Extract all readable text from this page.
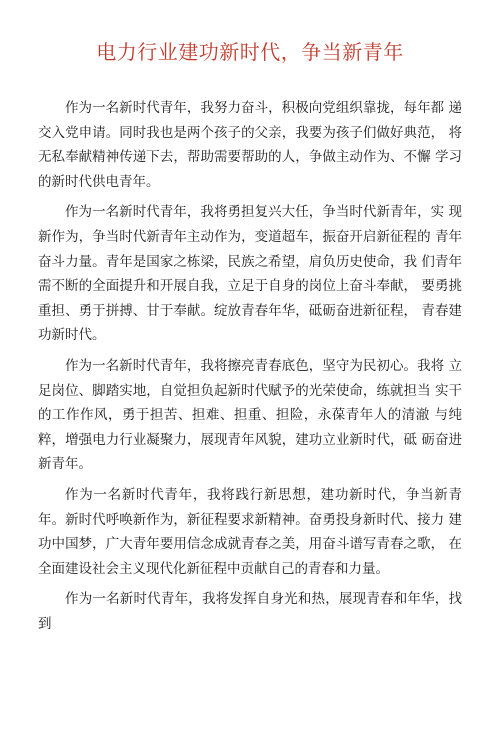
电力行业建功新时代，争当新青年

作为一名新时代青年，我努力奋斗，积极向党组织靠拢，每年都 递交入党申请。同时我也是两个孩子的父亲，我要为孩子们做好典范， 将无私奉献精神传递下去，帮助需要帮助的人，争做主动作为、不懈 学习的新时代供电青年。

作为一名新时代青年，我将勇担复兴大任，争当时代新青年，实 现新作为，争当时代新青年主动作为，变道超车，振奋开启新征程的 青年奋斗力量。青年是国家之栋梁，民族之希望，肩负历史使命，我 们青年需不断的全面提升和开展自我，立足于自身的岗位上奋斗奉献， 要勇挑重担、勇于拼搏、甘于奉献。绽放青春年华，砥砺奋进新征程， 青春建功新时代。

作为一名新时代青年，我将擦亮青春底色，坚守为民初心。我将 立足岗位、脚踏实地，自觉担负起新时代赋予的光荣使命，练就担当 实干的工作作风，勇于担苦、担难、担重、担险，永葆青年人的清澈 与纯粹，增强电力行业凝聚力，展现青年风貌，建功立业新时代，砥 砺奋进新青年。

作为一名新时代青年，我将践行新思想，建功新时代，争当新青 年。新时代呼唤新作为，新征程要求新精神。奋勇投身新时代、接力 建功中国梦，广大青年要用信念成就青春之美，用奋斗谱写青春之歌， 在全面建设社会主义现代化新征程中贡献自己的青春和力量。

作为一名新时代青年，我将发挥自身光和热，展现青春和年华，找到
